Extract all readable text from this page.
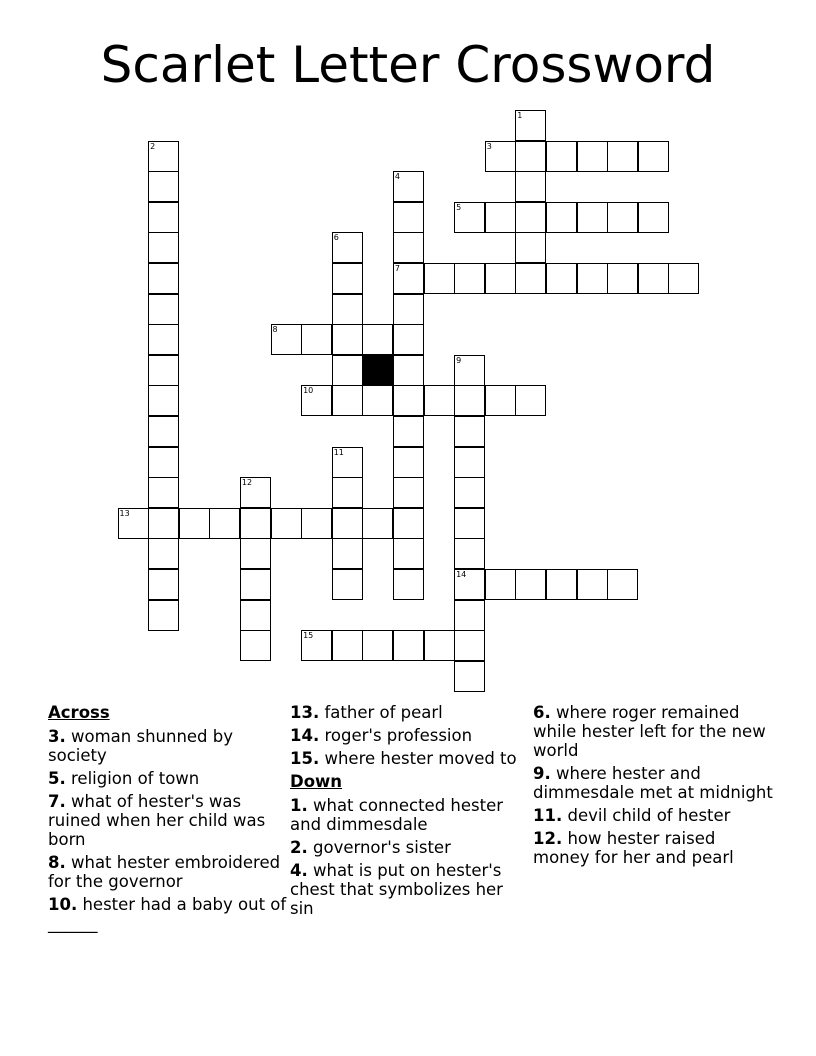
Scarlet Letter Crossword
1
2	3
4
7
5
6
8
9
14
10
11
12
13
15
Across
3. woman shunned by society
5. religion of town
7. what of hester's was ruined when her child was born
8. what hester embroidered for the governor
10. hester had a baby out of ______
13. father of pearl
14. roger's profession
15. where hester moved to
Down
1. what connected hester and dimmesdale
2. governor's sister
4. what is put on hester's chest that symbolizes her sin
6. where roger remained while hester left for the new world
9. where hester and dimmesdale met at midnight
11. devil child of hester
12. how hester raised money for her and pearl
